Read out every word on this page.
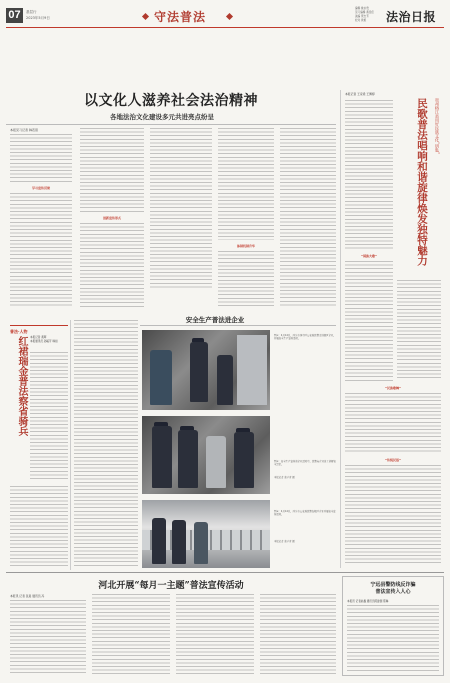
07	基层行
2023年5月9日	守法普法
编辑 姚永贵
见习编辑 黄佳佳
美编 贾志芳
校对 侯艳	法治日报
以文化人滋养社会法治精神
各地法治文化建设多元共进亮点纷呈
本报见习记者 韩若思
学习宣传贯彻
创新宣传形式
体制机制升华
安全生产普法进企业
图①：4月14日，西宁市湟中区公安局民警走进辖区企业，开展安全生产宣传活动。
图②：安全生产宣传进企业活动中，民警向企业员工讲解安全常识。
本报记者 张子青 摄
图③：4月14日，西宁市公安局民警在辖区企业开展安全宣传活动。
本报记者 张子青 摄
普法·人物
红裙瑞金普法察省骑兵 本报记者 黄辉
本报通讯员 孙毓芳 韩旭
本报记者 王家梁 王佩婷
贵州榕江县用好民族文化“钥匙”
民歌普法唱响和谐旋律焕发独特魅力
“侗族大歌”
“民族歌舞”
“传统民俗”
河北开展“每月一主题”普法宣传活动
本报讯 记者 张昊 通讯员 冯
宁远县警防线反诈骗
普法宣传入人心
本报讯 记者赵鑫 通讯员陈建国 陈琳
